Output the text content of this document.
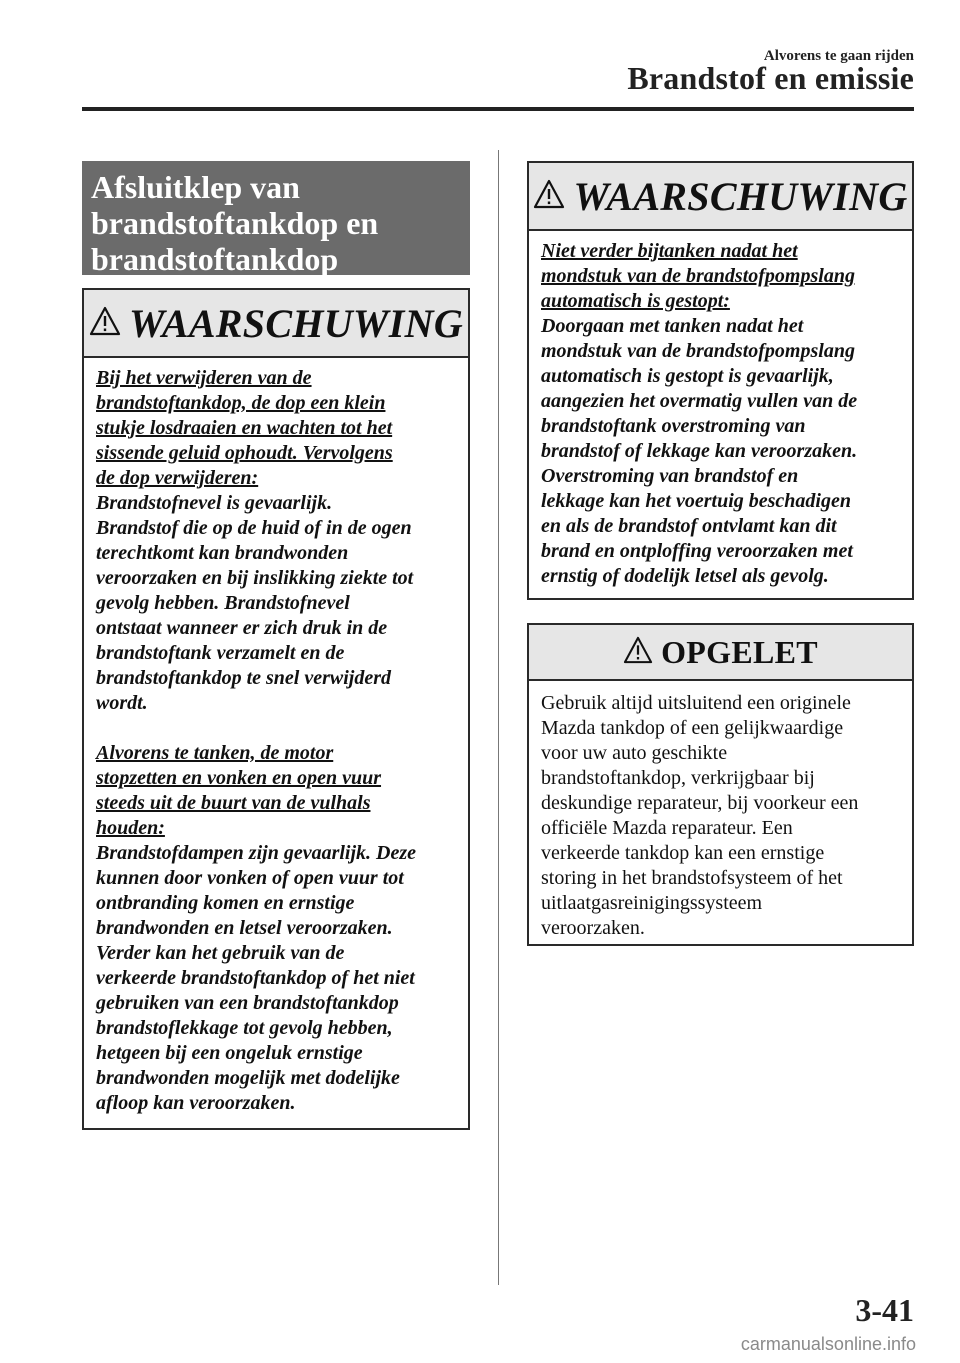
Alvorens te gaan rijden
Brandstof en emissie
Afsluitklep van
brandstoftankdop en
brandstoftankdop
WAARSCHUWING

Bij het verwijderen van de
brandstoftankdop, de dop een klein
stukje losdraaien en wachten tot het
sissende geluid ophoudt. Vervolgens
de dop verwijderen:

Brandstofnevel is gevaarlijk.
Brandstof die op de huid of in de ogen
terechtkomt kan brandwonden
veroorzaken en bij inslikking ziekte tot
gevolg hebben. Brandstofnevel
ontstaat wanneer er zich druk in de
brandstoftank verzamelt en de
brandstoftankdop te snel verwijderd
wordt.

Alvorens te tanken, de motor
stopzetten en vonken en open vuur
steeds uit de buurt van de vulhals
houden:

Brandstofdampen zijn gevaarlijk. Deze
kunnen door vonken of open vuur tot
ontbranding komen en ernstige
brandwonden en letsel veroorzaken.
Verder kan het gebruik van de
verkeerde brandstoftankdop of het niet
gebruiken van een brandstoftankdop
brandstoflekkage tot gevolg hebben,
hetgeen bij een ongeluk ernstige
brandwonden mogelijk met dodelijke
afloop kan veroorzaken.

WAARSCHUWING

Niet verder bijtanken nadat het
mondstuk van de brandstofpompslang
automatisch is gestopt:

Doorgaan met tanken nadat het
mondstuk van de brandstofpompslang
automatisch is gestopt is gevaarlijk,
aangezien het overmatig vullen van de
brandstoftank overstroming van
brandstof of lekkage kan veroorzaken.
Overstroming van brandstof en
lekkage kan het voertuig beschadigen
en als de brandstof ontvlamt kan dit
brand en ontploffing veroorzaken met
ernstig of dodelijk letsel als gevolg.

OPGELET

Gebruik altijd uitsluitend een originele
Mazda tankdop of een gelijkwaardige
voor uw auto geschikte
brandstoftankdop, verkrijgbaar bij
deskundige reparateur, bij voorkeur een
officiële Mazda reparateur. Een
verkeerde tankdop kan een ernstige
storing in het brandstofsysteem of het
uitlaatgasreinigingssysteem
veroorzaken.

3-41
carmanualsonline.info
